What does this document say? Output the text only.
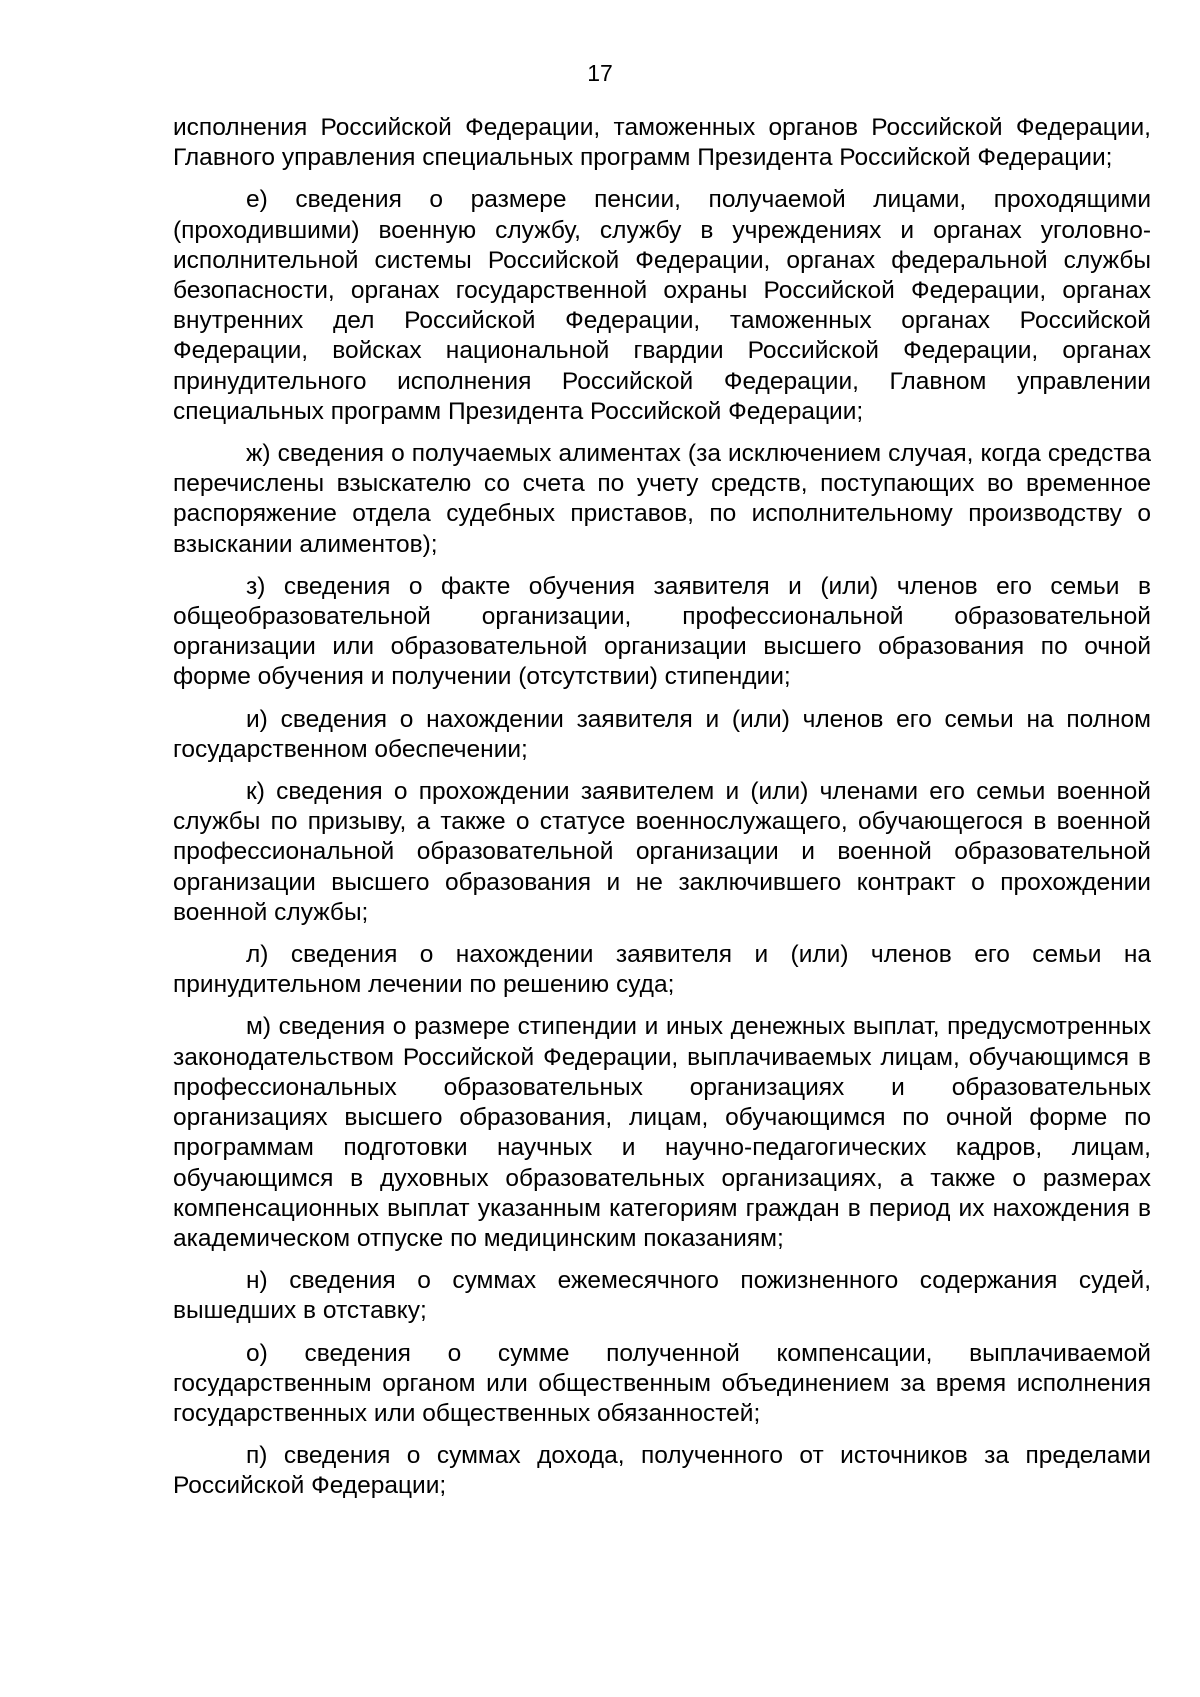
17

исполнения Российской Федерации, таможенных органов Российской Федерации, Главного управления специальных программ Президента Российской Федерации;

е) сведения о размере пенсии, получаемой лицами, проходящими (проходившими) военную службу, службу в учреждениях и органах уголовно-исполнительной системы Российской Федерации, органах федеральной службы безопасности, органах государственной охраны Российской Федерации, органах внутренних дел Российской Федерации, таможенных органах Российской Федерации, войсках национальной гвардии Российской Федерации, органах принудительного исполнения Российской Федерации, Главном управлении специальных программ Президента Российской Федерации;

ж) сведения о получаемых алиментах (за исключением случая, когда средства перечислены взыскателю со счета по учету средств, поступающих во временное распоряжение отдела судебных приставов, по исполнительному производству о взыскании алиментов);

з) сведения о факте обучения заявителя и (или) членов его семьи в общеобразовательной организации, профессиональной образовательной организации или образовательной организации высшего образования по очной форме обучения и получении (отсутствии) стипендии;

и) сведения о нахождении заявителя и (или) членов его семьи на полном государственном обеспечении;

к) сведения о прохождении заявителем и (или) членами его семьи военной службы по призыву, а также о статусе военнослужащего, обучающегося в военной профессиональной образовательной организации и военной образовательной организации высшего образования и не заключившего контракт о прохождении военной службы;

л) сведения о нахождении заявителя и (или) членов его семьи на принудительном лечении по решению суда;

м) сведения о размере стипендии и иных денежных выплат, предусмотренных законодательством Российской Федерации, выплачиваемых лицам, обучающимся в профессиональных образовательных организациях и образовательных организациях высшего образования, лицам, обучающимся по очной форме по программам подготовки научных и научно-педагогических кадров, лицам, обучающимся в духовных образовательных организациях, а также о размерах компенсационных выплат указанным категориям граждан в период их нахождения в академическом отпуске по медицинским показаниям;

н) сведения о суммах ежемесячного пожизненного содержания судей, вышедших в отставку;

о) сведения о сумме полученной компенсации, выплачиваемой государственным органом или общественным объединением за время исполнения государственных или общественных обязанностей;

п) сведения о суммах дохода, полученного от источников за пределами Российской Федерации;
